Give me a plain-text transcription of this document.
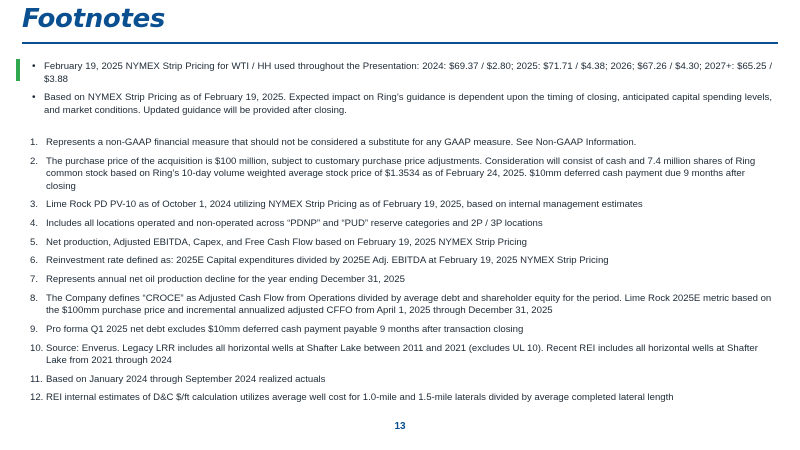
Footnotes
• February 19, 2025 NYMEX Strip Pricing for WTI / HH used throughout the Presentation: 2024: $69.37 / $2.80; 2025: $71.71 / $4.38; 2026; $67.26 / $4.30; 2027+: $65.25 / $3.88
• Based on NYMEX Strip Pricing as of February 19, 2025. Expected impact on Ring’s guidance is dependent upon the timing of closing, anticipated capital spending levels, and market conditions. Updated guidance will be provided after closing.
1. Represents a non-GAAP financial measure that should not be considered a substitute for any GAAP measure. See Non-GAAP Information.
2. The purchase price of the acquisition is $100 million, subject to customary purchase price adjustments. Consideration will consist of cash and 7.4 million shares of Ring common stock based on Ring’s 10-day volume weighted average stock price of $1.3534 as of February 24, 2025. $10mm deferred cash payment due 9 months after closing
3. Lime Rock PD PV-10 as of October 1, 2024 utilizing NYMEX Strip Pricing as of February 19, 2025, based on internal management estimates
4. Includes all locations operated and non-operated across “PDNP” and “PUD” reserve categories and 2P / 3P locations
5. Net production, Adjusted EBITDA, Capex, and Free Cash Flow based on February 19, 2025 NYMEX Strip Pricing
6. Reinvestment rate defined as: 2025E Capital expenditures divided by 2025E Adj. EBITDA at February 19, 2025 NYMEX Strip Pricing
7. Represents annual net oil production decline for the year ending December 31, 2025
8. The Company defines “CROCE” as Adjusted Cash Flow from Operations divided by average debt and shareholder equity for the period. Lime Rock 2025E metric based on the $100mm purchase price and incremental annualized adjusted CFFO from April 1, 2025 through December 31, 2025
9. Pro forma Q1 2025 net debt excludes $10mm deferred cash payment payable 9 months after transaction closing
10. Source: Enverus. Legacy LRR includes all horizontal wells at Shafter Lake between 2011 and 2021 (excludes UL 10). Recent REI includes all horizontal wells at Shafter Lake from 2021 through 2024
11. Based on January 2024 through September 2024 realized actuals
12. REI internal estimates of D&C $/ft calculation utilizes average well cost for 1.0-mile and 1.5-mile laterals divided by average completed lateral length
13
